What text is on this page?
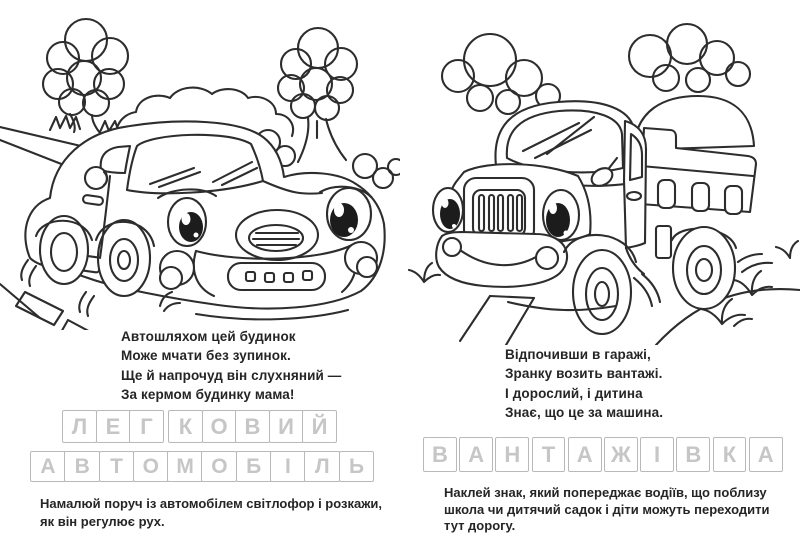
Автошляхом цей будинок
Може мчати без зупинок.
Ще й напрочуд він слухняний —
За кермом будинку мама!
Відпочивши в гаражі,
Зранку возить вантажі.
І дорослий, і дитина
Знає, що це за машина.
Л Е Г	К О В И Й
А В Т О М О Б	І	Л Ь	В А Н Т А Ж	І	В К А
Намалюй поруч із автомобілем світлофор і розкажи,
як він регулює рух.
Наклей знак, який попереджає водіїв, що поблизу
школа чи дитячий садок і діти можуть переходити
тут дорогу.
